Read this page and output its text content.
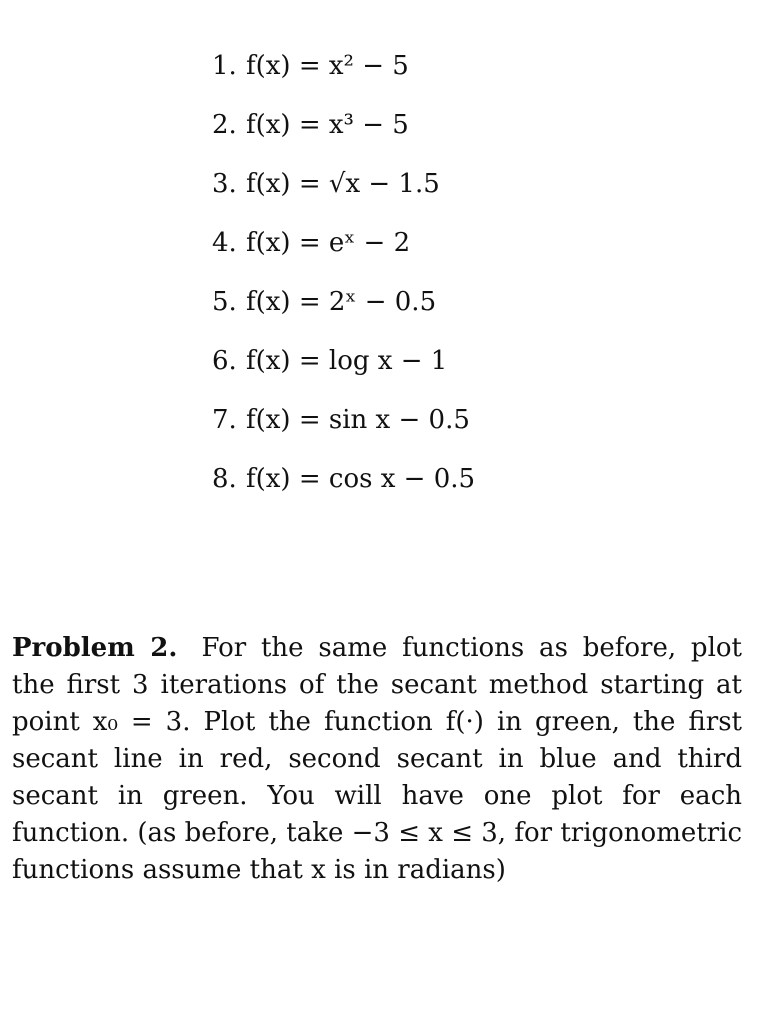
1. f(x) = x² − 5
2. f(x) = x³ − 5
3. f(x) = √x − 1.5
4. f(x) = eˣ − 2
5. f(x) = 2ˣ − 0.5
6. f(x) = log x − 1
7. f(x) = sin x − 0.5
8. f(x) = cos x − 0.5

Problem 2. For the same functions as before, plot the first 3 iterations of the secant method starting at point x₀ = 3. Plot the function f(·) in green, the first secant line in red, second secant in blue and third secant in green. You will have one plot for each function. (as before, take −3 ≤ x ≤ 3, for trigonometric functions assume that x is in radians)
